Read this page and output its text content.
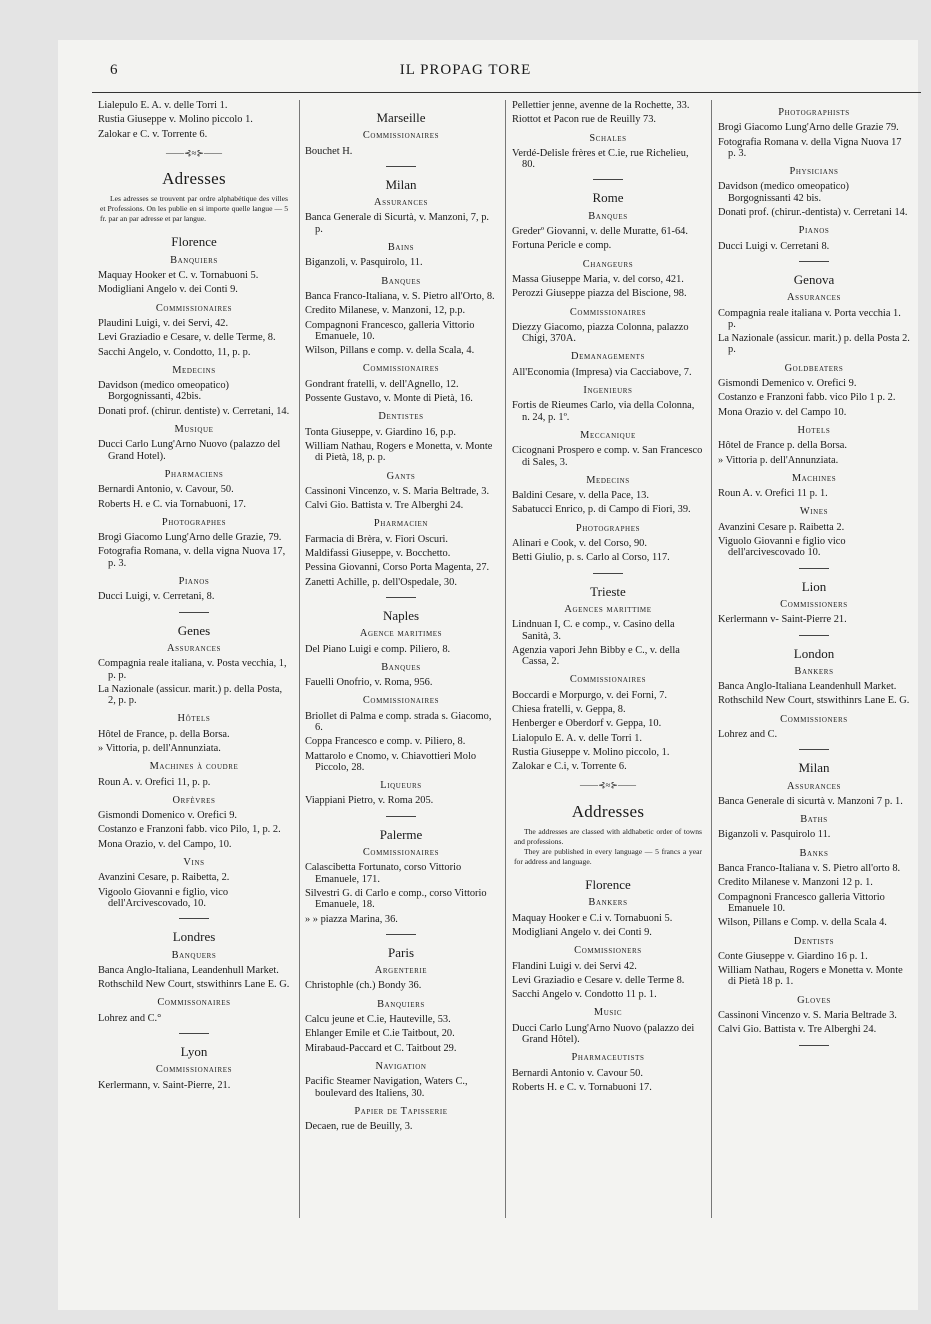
6	IL PROPAG TORE
Lialepulo E. A. v. delle Torri 1.
Rustia Giuseppe v. Molino piccolo 1.
Zalokar e C. v. Torrente 6.
——⊰≈⊱——
Adresses
Les adresses se trouvent par ordre alphabétique des villes et Professions. On les publie en si importe quelle langue — 5 fr. par an par adresse et par langue.
Florence
Banquiers
Maquay Hooker et C. v. Tornabuoni 5.
Modigliani Angelo v. dei Conti 9.
Commissionaires
Plaudini Luigi, v. dei Servi, 42.
Levi Graziadio e Cesare, v. delle Terme, 8.
Sacchi Angelo, v. Condotto, 11, p. p.
Medecins
Davidson (medico omeopatico) Borgognissanti, 42bis.
Donati prof. (chirur. dentiste) v. Cerretani, 14.
Musique
Ducci Carlo Lung'Arno Nuovo (palazzo del Grand Hotel).
Pharmaciens
Bernardi Antonio, v. Cavour, 50.
Roberts H. e C. via Tornabuoni, 17.
Photographes
Brogi Giacomo Lung'Arno delle Grazie, 79.
Fotografia Romana, v. della vigna Nuova 17, p. 3.
Pianos
Ducci Luigi, v. Cerretani, 8.
Genes
Assurances
Compagnia reale italiana, v. Posta vecchia, 1, p. p.
La Nazionale (assicur. marit.) p. della Posta, 2, p. p.
Hôtels
Hôtel de France, p. della Borsa.
» Vittoria, p. dell'Annunziata.
Machines à coudre
Roun A. v. Orefici 11, p. p.
Orfèvres
Gismondi Domenico v. Orefici 9.
Costanzo e Franzoni fabb. vico Pilo, 1, p. 2.
Mona Orazio, v. del Campo, 10.
Vins
Avanzini Cesare, p. Raibetta, 2.
Vigoolo Giovanni e figlio, vico dell'Arcivescovado, 10.
Londres
Banquers
Banca Anglo-Italiana, Leandenhull Market.
Rothschild New Court, stswithinrs Lane E. G.
Commissonaires
Lohrez and C.°
Lyon
Commissionaires
Kerlermann, v. Saint-Pierre, 21.
Marseille
Commissionaires
Bouchet H.
Milan
Assurances
Banca Generale di Sicurtà, v. Manzoni, 7, p. p.
Bains
Biganzoli, v. Pasquirolo, 11.
Banques
Banca Franco-Italiana, v. S. Pietro all'Orto, 8.
Credito Milanese, v. Manzoni, 12, p.p.
Compagnoni Francesco, galleria Vittorio Emanuele, 10.
Wilson, Pillans e comp. v. della Scala, 4.
Commissionaires
Gondrant fratelli, v. dell'Agnello, 12.
Possente Gustavo, v. Monte di Pietà, 16.
Dentistes
Tonta Giuseppe, v. Giardino 16, p.p.
William Nathau, Rogers e Monetta, v. Monte di Pietà, 18, p. p.
Gants
Cassinoni Vincenzo, v. S. Maria Beltrade, 3.
Calvi Gio. Battista v. Tre Alberghi 24.
Pharmacien
Farmacia di Brèra, v. Fiori Oscuri.
Maldifassi Giuseppe, v. Bocchetto.
Pessina Giovanni, Corso Porta Magenta, 27.
Zanetti Achille, p. dell'Ospedale, 30.
Naples
Agence maritimes
Del Piano Luigi e comp. Piliero, 8.
Banques
Fauelli Onofrio, v. Roma, 956.
Commissionaires
Briollet di Palma e comp. strada s. Giacomo, 6.
Coppa Francesco e comp. v. Piliero, 8.
Mattarolo e Cnomo, v. Chiavottieri Molo Piccolo, 28.
Liqueurs
Viappiani Pietro, v. Roma 205.
Palerme
Commissionaires
Calascibetta Fortunato, corso Vittorio Emanuele, 171.
Silvestri G. di Carlo e comp., corso Vittorio Emanuele, 18.
» » piazza Marina, 36.
Paris
Argenterie
Christophle (ch.) Bondy 36.
Banquiers
Calcu jeune et C.ie, Hauteville, 53.
Ehlanger Emile et C.ie Taitbout, 20.
Mirabaud-Paccard et C. Taitbout 29.
Navigation
Pacific Steamer Navigation, Waters C., boulevard des Italiens, 30.
Papier de Tapisserie
Decaen, rue de Beuilly, 3.
Pellettier jenne, avenne de la Rochette, 33.
Riottot et Pacon rue de Reuilly 73.
Schales
Verdé-Delisle frères et C.ie, rue Richelieu, 80.
Rome
Banques
Grederº Giovanni, v. delle Muratte, 61-64.
Fortuna Pericle e comp.
Changeurs
Massa Giuseppe Maria, v. del corso, 421.
Perozzi Giuseppe piazza del Biscione, 98.
Commissionaires
Diezzy Giacomo, piazza Colonna, palazzo Chigi, 370A.
Demanagements
All'Economia (Impresa) via Cacciabove, 7.
Ingenieurs
Fortis de Rieumes Carlo, via della Colonna, n. 24, p. 1º.
Meccanique
Cicognani Prospero e comp. v. San Francesco di Sales, 3.
Medecins
Baldini Cesare, v. della Pace, 13.
Sabatucci Enrico, p. di Campo di Fiori, 39.
Photographes
Alinari e Cook, v. del Corso, 90.
Betti Giulio, p. s. Carlo al Corso, 117.
Trieste
Agences marittime
Lindnuan I, C. e comp., v. Casino della Sanità, 3.
Agenzia vapori Jehn Bibby e C., v. della Cassa, 2.
Commissionaires
Boccardi e Morpurgo, v. dei Forni, 7.
Chiesa fratelli, v. Geppa, 8.
Henberger e Oberdorf v. Geppa, 10.
Lialopulo E. A. v. delle Torri 1.
Rustia Giuseppe v. Molino piccolo, 1.
Zalokar e C.i, v. Torrente 6.
——⊰≈⊱——
Addresses
The addresses are classed with aldhabetic order of towns and professions.
They are published in every language — 5 francs a year for address and language.
Florence
Bankers
Maquay Hooker e C.i v. Tornabuoni 5.
Modigliani Angelo v. dei Conti 9.
Commissioners
Flandini Luigi v. dei Servi 42.
Levi Graziadio e Cesare v. delle Terme 8.
Sacchi Angelo v. Condotto 11 p. 1.
Music
Ducci Carlo Lung'Arno Nuovo (palazzo dei Grand Hôtel).
Pharmaceutists
Bernardi Antonio v. Cavour 50.
Roberts H. e C. v. Tornabuoni 17.
Photographists
Brogi Giacomo Lung'Arno delle Grazie 79.
Fotografia Romana v. della Vigna Nuova 17 p. 3.
Physicians
Davidson (medico omeopatico) Borgognissanti 42 bis.
Donati prof. (chirur.-dentista) v. Cerretani 14.
Pianos
Ducci Luigi v. Cerretani 8.
Genova
Assurances
Compagnia reale italiana v. Porta vecchia 1. p.
La Nazionale (assicur. marit.) p. della Posta 2. p.
Goldbeaters
Gismondi Demenico v. Orefici 9.
Costanzo e Franzoni fabb. vico Pilo 1 p. 2.
Mona Orazio v. del Campo 10.
Hotels
Hôtel de France p. della Borsa.
» Vittoria p. dell'Annunziata.
Machines
Roun A. v. Orefici 11 p. 1.
Wines
Avanzini Cesare p. Raibetta 2.
Viguolo Giovanni e figlio vico dell'arcivescovado 10.
Lion
Commissioners
Kerlermann v- Saint-Pierre 21.
London
Bankers
Banca Anglo-Italiana Leandenhull Market.
Rothschild New Court, stswithinrs Lane E. G.
Commissioners
Lohrez and C.
Milan
Assurances
Banca Generale di sicurtà v. Manzoni 7 p. 1.
Baths
Biganzoli v. Pasquirolo 11.
Banks
Banca Franco-Italiana v. S. Pietro all'orto 8.
Credito Milanese v. Manzoni 12 p. 1.
Compagnoni Francesco galleria Vittorio Emanuele 10.
Wilson, Pillans e Comp. v. della Scala 4.
Dentists
Conte Giuseppe v. Giardino 16 p. 1.
William Nathau, Rogers e Monetta v. Monte di Pietà 18 p. 1.
Gloves
Cassinoni Vincenzo v. S. Maria Beltrade 3.
Calvi Gio. Battista v. Tre Alberghi 24.
